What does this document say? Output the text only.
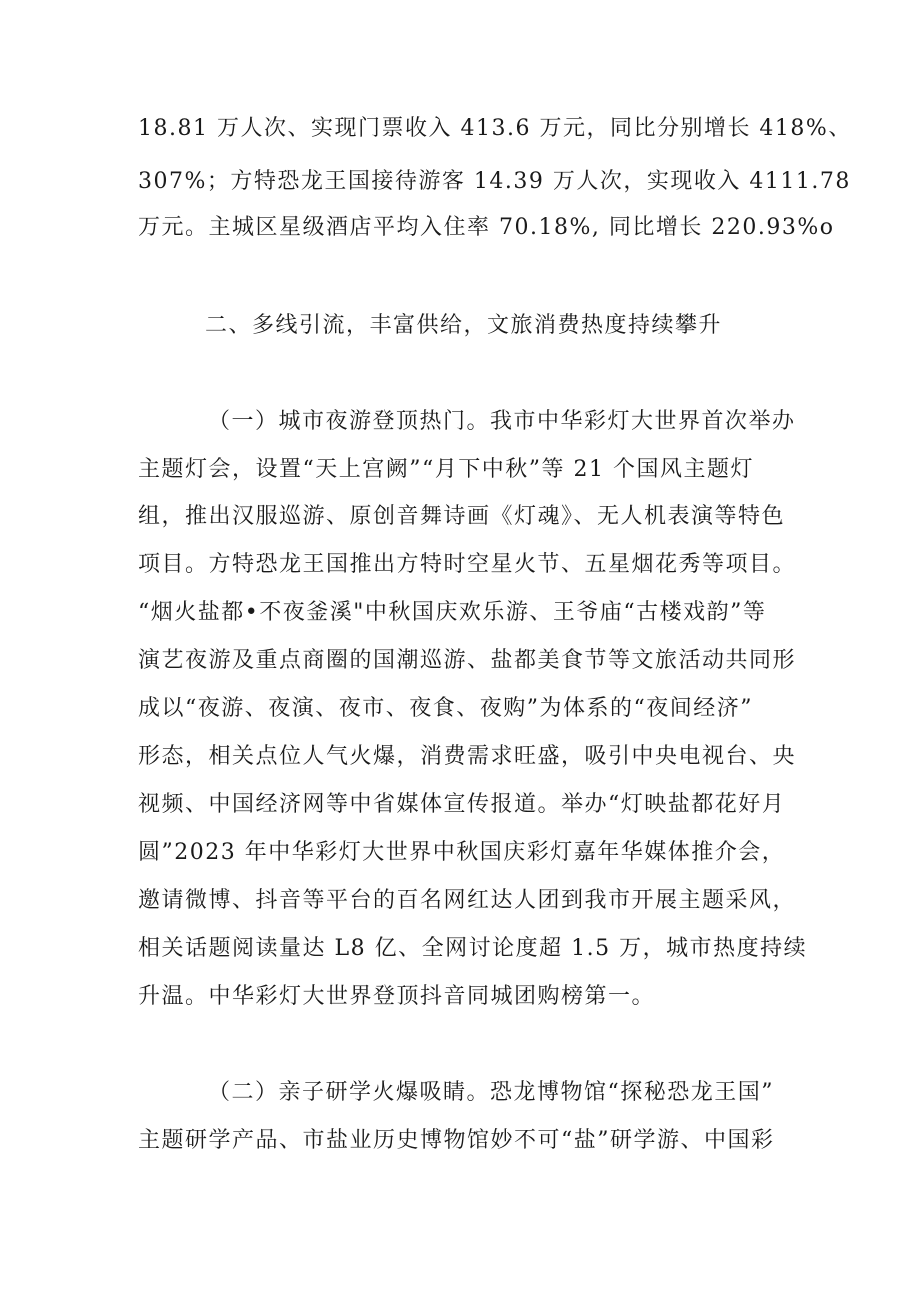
18.81 万人次、实现门票收入 413.6 万元，同比分别增长 418%、
307%；方特恐龙王国接待游客 14.39 万人次，实现收入 4111.78
万元。主城区星级酒店平均入住率 70.18%, 同比增长 220.93%o
二、多线引流，丰富供给，文旅消费热度持续攀升
（一）城市夜游登顶热门。我市中华彩灯大世界首次举办
主题灯会，设置“天上宫阙”“月下中秋”等 21 个国风主题灯
组，推出汉服巡游、原创音舞诗画《灯魂》、无人机表演等特色
项目。方特恐龙王国推出方特时空星火节、五星烟花秀等项目。
“烟火盐都•不夜釜溪"中秋国庆欢乐游、王爷庙“古楼戏韵”等
演艺夜游及重点商圈的国潮巡游、盐都美食节等文旅活动共同形
成以“夜游、夜演、夜市、夜食、夜购”为体系的“夜间经济”
形态，相关点位人气火爆，消费需求旺盛，吸引中央电视台、央
视频、中国经济网等中省媒体宣传报道。举办“灯映盐都花好月
圆”2023 年中华彩灯大世界中秋国庆彩灯嘉年华媒体推介会，
邀请微博、抖音等平台的百名网红达人团到我市开展主题采风，
相关话题阅读量达 L8 亿、全网讨论度超 1.5 万，城市热度持续
升温。中华彩灯大世界登顶抖音同城团购榜第一。
（二）亲子研学火爆吸睛。恐龙博物馆“探秘恐龙王国”
主题研学产品、市盐业历史博物馆妙不可“盐”研学游、中国彩
